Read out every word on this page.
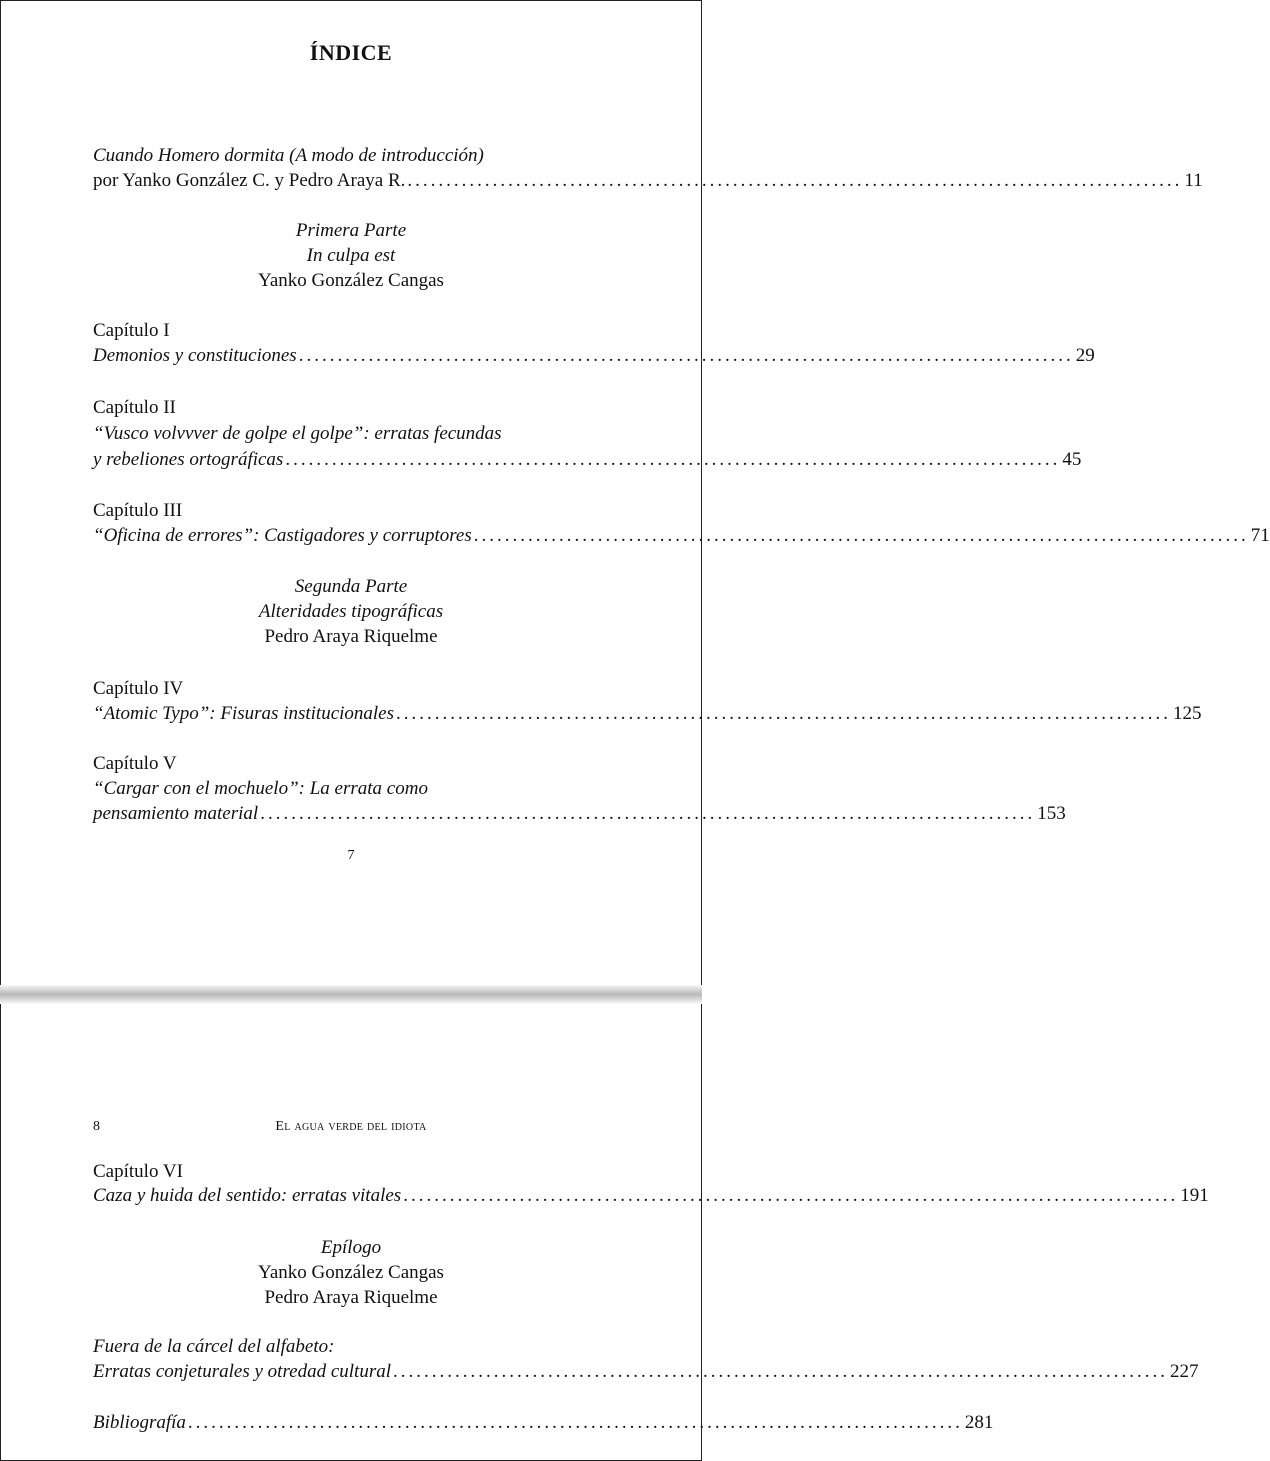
ÍNDICE
Cuando Homero dormita (A modo de introducción)
por Yanko González C. y Pedro Araya R. .................................................................................................... 11
Primera Parte
In culpa est
Yanko González Cangas
Capítulo I
Demonios y constituciones .................................................................................................... 29
Capítulo II
“Vusco volvvver de golpe el golpe”: erratas fecundas
y rebeliones ortográficas .................................................................................................... 45
Capítulo III
“Oficina de errores”: Castigadores y corruptores .................................................................................................... 71
Segunda Parte
Alteridades tipográficas
Pedro Araya Riquelme
Capítulo IV
“Atomic Typo”: Fisuras institucionales .................................................................................................... 125
Capítulo V
“Cargar con el mochuelo”: La errata como
pensamiento material .................................................................................................... 153
7
8	El agua verde del idiota
Capítulo VI
Caza y huida del sentido: erratas vitales .................................................................................................... 191
Epílogo
Yanko González Cangas
Pedro Araya Riquelme
Fuera de la cárcel del alfabeto:
Erratas conjeturales y otredad cultural .................................................................................................... 227
Bibliografía .................................................................................................... 281
